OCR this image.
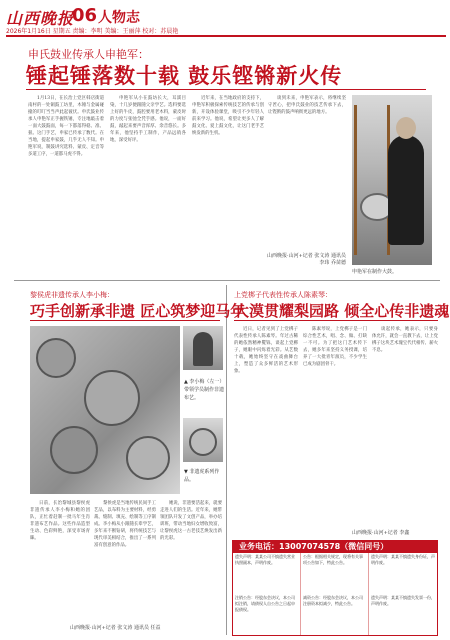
山西晚报
06 人物志
2026年1月16日 星期五 责编：李明 美编：王丽萍 校对：苏晨艳
申氏鼓业传承人申艳军：
锤起锤落数十载 鼓乐铿锵新火传

1月13日，在长治上党区韩店街道南村的一处铜鼓工坊里，木锤与金属碰撞的叮叮当当声此起彼伏。申氏鼓业传承人申艳军正手握铁锤，专注地敲击着一面大鼓鼓面，每一下都落得稳、准、狠。这门手艺，申家已传承了数代。在当地，提起申家鼓，几乎无人不知。申艳军说，制鼓讲究选料、蒙皮、定音等多道工序，一道都马虎不得。

申艳军从小在鼓坊长大，耳濡目染，十几岁便跟随父亲学艺。选料要选上好的牛皮，鼓腔要用老木料，蒙皮时的力度与张弛全凭手感。他说，一面好鼓，敲起来要声音浑厚、余音悠长。多年来，他坚持手工制作，产品远销各地，深受好评。

近年来，在当地政府的支持下，申艳军积极探索传统技艺的传承与创新，开设体验课堂，吸引不少年轻人前来学习。他说，希望让更多人了解鼓文化、爱上鼓文化，让这门老手艺焕发新的生机。

谈到未来，申艳军表示，将继续坚守匠心，把申氏鼓业的技艺传承下去，让铿锵的鼓声响彻更远的地方。

山西晚报·山河+记者 张文涛 通讯员 李玮 乔苗德
申艳军在制作大鼓。
黎侯虎非遗传承人李小梅：
巧手创新承非遗 匠心筑梦迎马年
▲ 李小梅（左一）带领学员制作非遗布艺。
▼ 非遗虎系列作品。

日前，长治黎城县黎侯虎非遗传承人李小梅和她的团队，正忙着赶制一批马年生肖非遗布艺作品。这些作品造型生动、色彩鲜艳，深受市场青睐。

黎侯虎是当地传统民间手工艺品，以布料为主要材料，经剪裁、缝制、填充、绘制等工序制成。李小梅从小跟随长辈学艺，多年来不断钻研，将传统技艺与现代审美相结合，推出了一系列富有创意的作品。

她说，非遗要活起来，就要走进人们的生活。近年来，她带领团队开发了文创产品，举办培训班，带动当地妇女增收致富，让黎侯虎这一古老技艺焕发出新的光彩。

山西晚报·山河+记者 张文涛 通讯员 任益
上党梆子代表性传承人陈素琴：
大漠贯耀梨园路 倾全心传非遗魂

近日，记者见到了上党梆子代表性传承人陈素琴。年过古稀的她依然精神矍铄，谈起上党梆子，她眼中闪烁着光彩。从艺数十载，她始终坚守在戏曲舞台上，塑造了众多鲜活的艺术形象。

陈素琴说，上党梆子是一门综合性艺术，唱、念、做、打缺一不可。为了把这门艺术传下去，她多年来坚持义务授课，培养了一大批青年演员，不少学生已成为剧团骨干。

谈起传承，她表示，只要身体允许，就会一直教下去，让上党梆子这块艺术瑰宝代代相传、薪火不息。

山西晚报·山河+记者 李鑫
业务电话：13007074578（微信同号）
遗失声明：某某公司不慎遗失营业执照副本，声明作废。
公告：根据相关规定，现将有关事项公告如下，特此公告。
遗失声明：某某不慎遗失身份证，声明作废。
注销公告：经股东会决议，本公司拟注销，请债权人自公告之日起申报债权。
减资公告：经股东会决议，本公司注册资本拟减少，特此公告。
遗失声明：某某不慎遗失发票一份，声明作废。
